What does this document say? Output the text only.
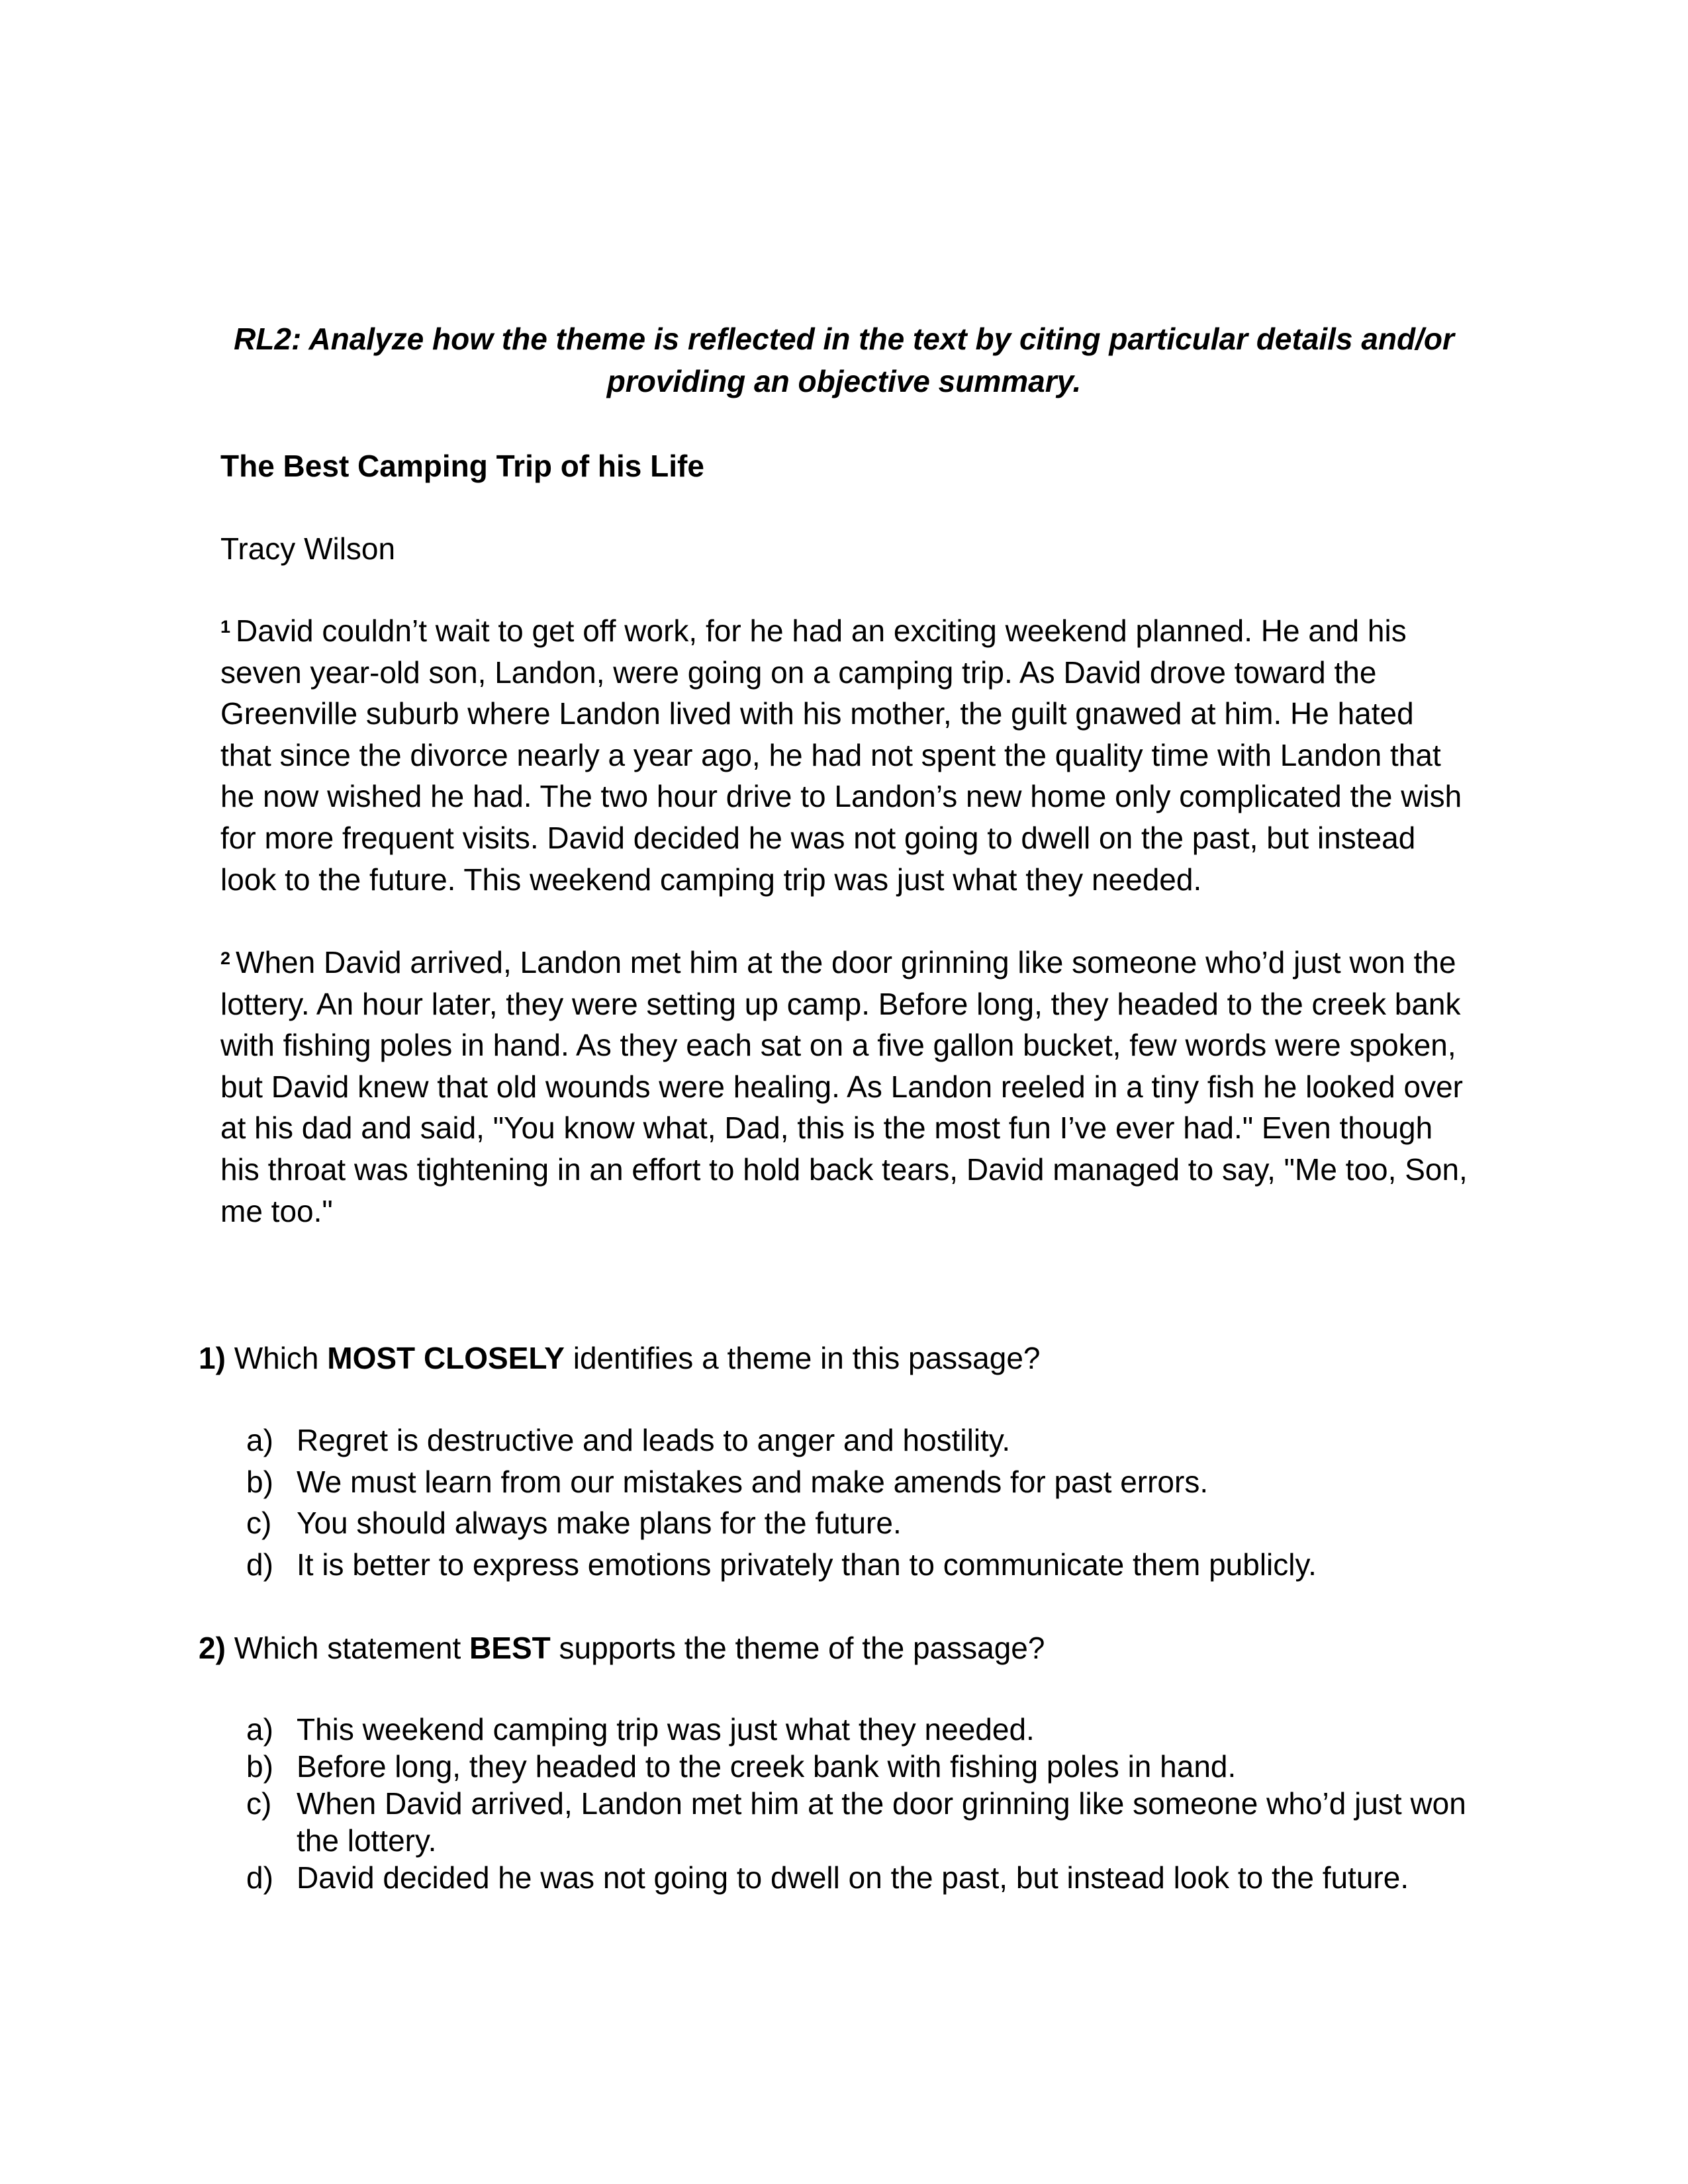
RL2: Analyze how the theme is reflected in the text by citing particular details and/or
providing an objective summary.

The Best Camping Trip of his Life

Tracy Wilson

$^1$ David couldn’t wait to get off work, for he had an exciting weekend planned. He and his
seven year-old son, Landon, were going on a camping trip. As David drove toward the
Greenville suburb where Landon lived with his mother, the guilt gnawed at him. He hated
that since the divorce nearly a year ago, he had not spent the quality time with Landon that
he now wished he had. The two hour drive to Landon’s new home only complicated the wish
for more frequent visits. David decided he was not going to dwell on the past, but instead
look to the future. This weekend camping trip was just what they needed.

$^2$ When David arrived, Landon met him at the door grinning like someone who’d just won the
lottery. An hour later, they were setting up camp. Before long, they headed to the creek bank
with fishing poles in hand. As they each sat on a five gallon bucket, few words were spoken,
but David knew that old wounds were healing. As Landon reeled in a tiny fish he looked over
at his dad and said, "You know what, Dad, this is the most fun I’ve ever had." Even though
his throat was tightening in an effort to hold back tears, David managed to say, "Me too, Son,
me too."

1) Which MOST CLOSELY identifies a theme in this passage?

a) Regret is destructive and leads to anger and hostility.
b) We must learn from our mistakes and make amends for past errors.
c) You should always make plans for the future.
d) It is better to express emotions privately than to communicate them publicly.

2) Which statement BEST supports the theme of the passage?

a) This weekend camping trip was just what they needed.
b) Before long, they headed to the creek bank with fishing poles in hand.
c) When David arrived, Landon met him at the door grinning like someone who’d just won
the lottery.
d) David decided he was not going to dwell on the past, but instead look to the future.
